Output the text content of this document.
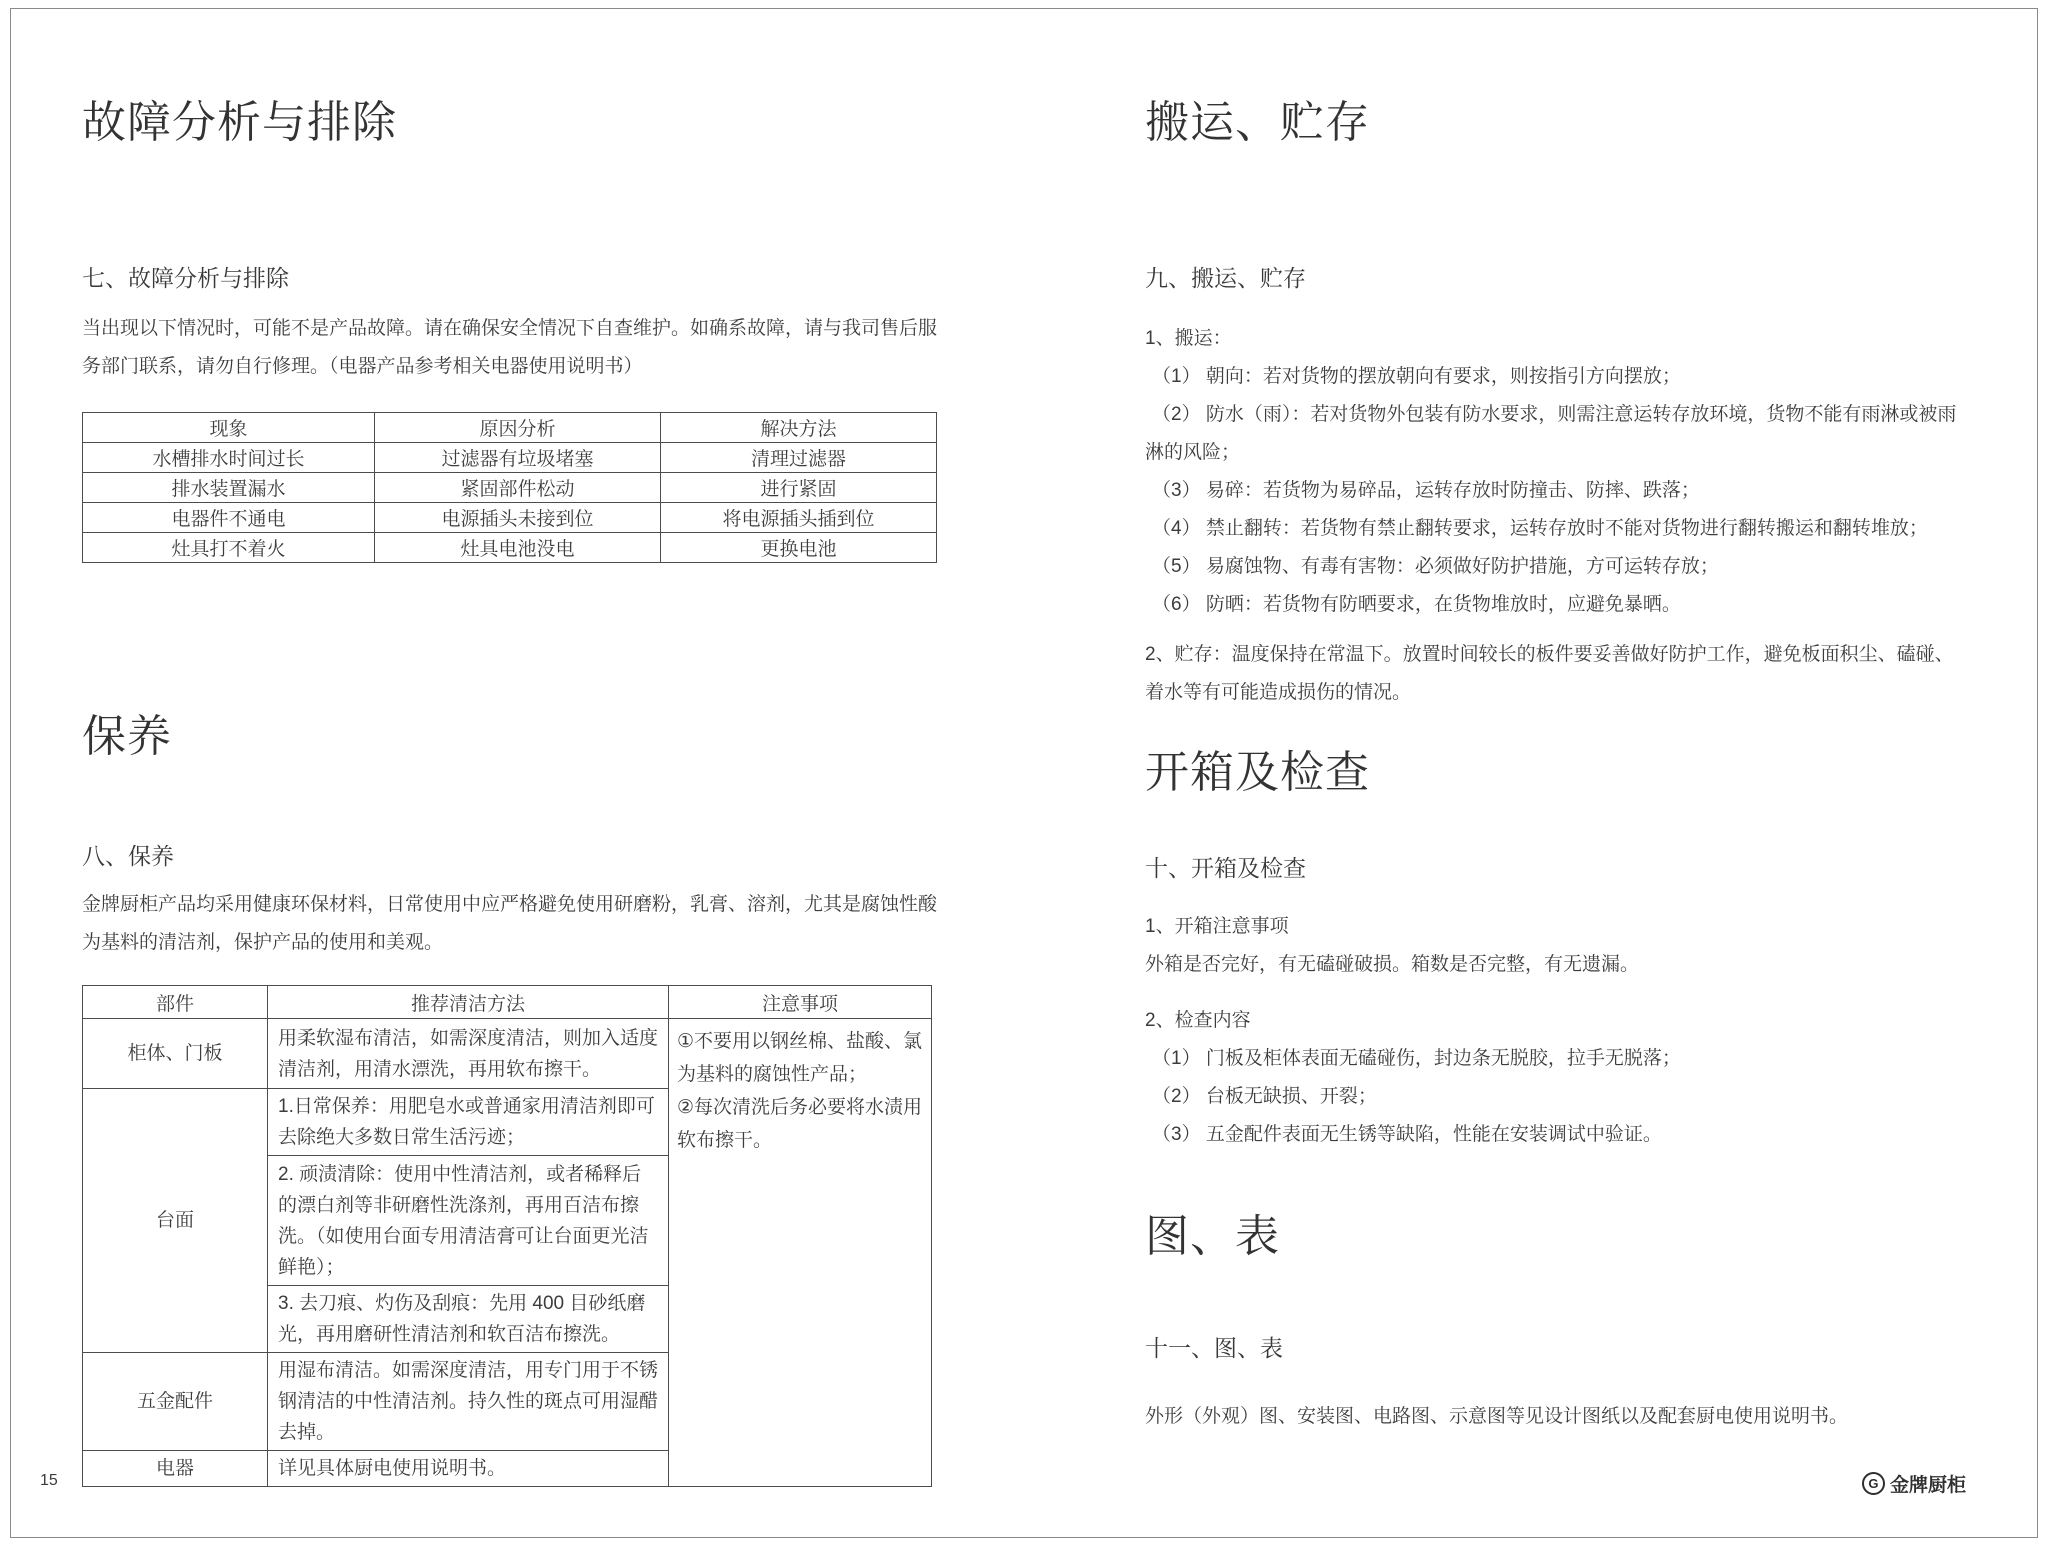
故障分析与排除
七、故障分析与排除

当出现以下情况时，可能不是产品故障。请在确保安全情况下自查维护。如确系故障，请与我司售后服务部门联系，请勿自行修理。（电器产品参考相关电器使用说明书）

现象	原因分析	解决方法
水槽排水时间过长	过滤器有垃圾堵塞	清理过滤器
排水装置漏水	紧固部件松动	进行紧固
电器件不通电	电源插头未接到位	将电源插头插到位
灶具打不着火	灶具电池没电	更换电池
保养
八、保养

金牌厨柜产品均采用健康环保材料，日常使用中应严格避免使用研磨粉，乳膏、溶剂，尤其是腐蚀性酸为基料的清洁剂，保护产品的使用和美观。

部件	推荐清洁方法	注意事项
柜体、门板	用柔软湿布清洁，如需深度清洁，则加入适度清洁剂，用清水漂洗，再用软布擦干。	①不要用以钢丝棉、盐酸、氯为基料的腐蚀性产品；

②每次清洗后务必要将水渍用软布擦干。

台面	1.日常保养：用肥皂水或普通家用清洁剂即可去除绝大多数日常生活污迹；	
	2. 顽渍清除：使用中性清洁剂，或者稀释后的漂白剂等非研磨性洗涤剂，再用百洁布擦洗。（如使用台面专用清洁膏可让台面更光洁鲜艳）；	
	3. 去刀痕、灼伤及刮痕：先用 400 目砂纸磨光，再用磨研性清洁剂和软百洁布擦洗。	
五金配件	用湿布清洁。如需深度清洁，用专门用于不锈钢清洁的中性清洁剂。持久性的斑点可用湿醋去掉。	
电器	详见具体厨电使用说明书。	
搬运、贮存
九、搬运、贮存

1、搬运：

（1） 朝向：若对货物的摆放朝向有要求，则按指引方向摆放；

（2） 防水（雨）：若对货物外包装有防水要求，则需注意运转存放环境，货物不能有雨淋或被雨淋的风险；

（3） 易碎：若货物为易碎品，运转存放时防撞击、防摔、跌落；

（4） 禁止翻转：若货物有禁止翻转要求，运转存放时不能对货物进行翻转搬运和翻转堆放；

（5） 易腐蚀物、有毒有害物：必须做好防护措施，方可运转存放；

（6） 防晒：若货物有防晒要求，在货物堆放时，应避免暴晒。

2、贮存：温度保持在常温下。放置时间较长的板件要妥善做好防护工作，避免板面积尘、磕碰、着水等有可能造成损伤的情况。

开箱及检查
十、开箱及检查

1、开箱注意事项

外箱是否完好，有无磕碰破损。箱数是否完整，有无遗漏。

2、检查内容

（1） 门板及柜体表面无磕碰伤，封边条无脱胶，拉手无脱落；

（2） 台板无缺损、开裂；

（3） 五金配件表面无生锈等缺陷，性能在安装调试中验证。

图、表
十一、图、表

外形（外观）图、安装图、电路图、示意图等见设计图纸以及配套厨电使用说明书。

15	G 金牌厨柜
